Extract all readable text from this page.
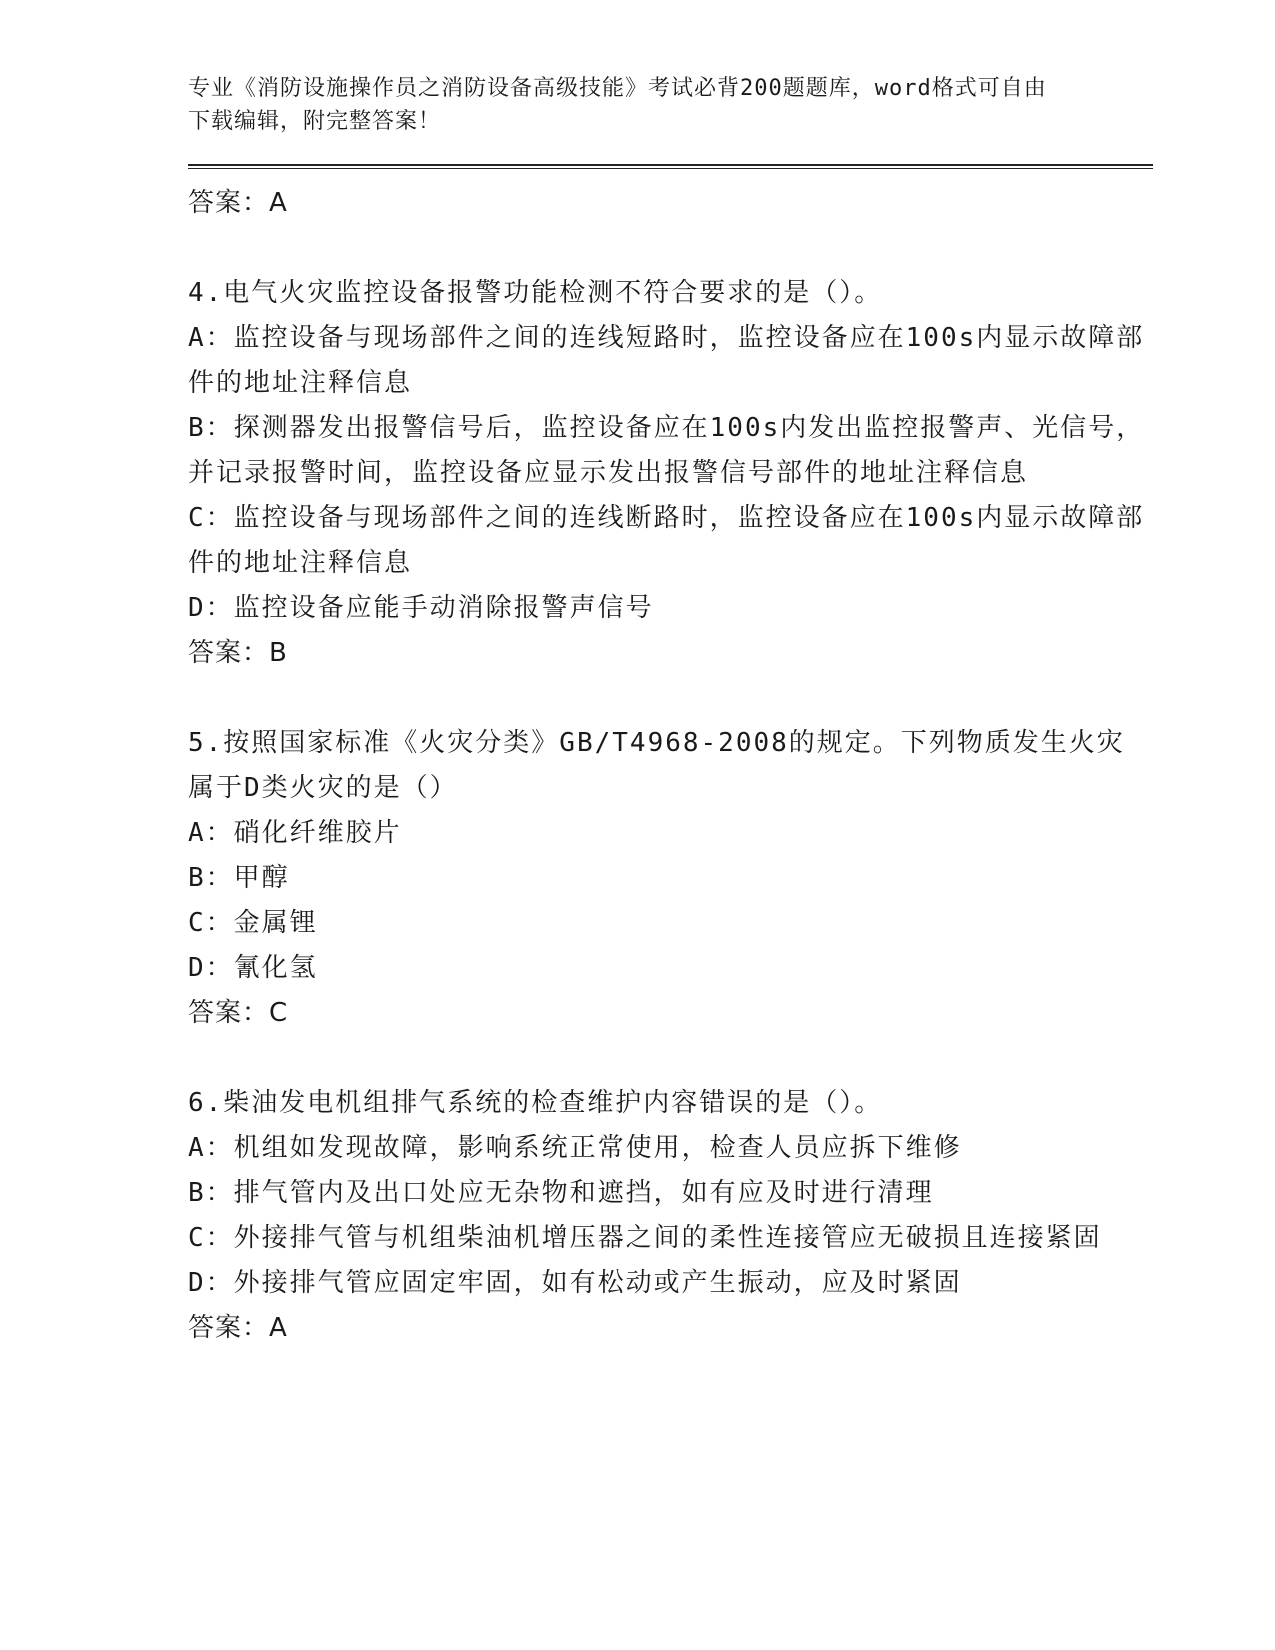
专业《消防设施操作员之消防设备高级技能》考试必背200题题库，word格式可自由下载编辑，附完整答案！
答案：A
4.电气火灾监控设备报警功能检测不符合要求的是（）。
A：监控设备与现场部件之间的连线短路时，监控设备应在100s内显示故障部件的地址注释信息
B：探测器发出报警信号后，监控设备应在100s内发出监控报警声、光信号，并记录报警时间，监控设备应显示发出报警信号部件的地址注释信息
C：监控设备与现场部件之间的连线断路时，监控设备应在100s内显示故障部件的地址注释信息
D：监控设备应能手动消除报警声信号
答案：B
5.按照国家标准《火灾分类》GB/T4968-2008的规定。下列物质发生火灾属于D类火灾的是（）
A：硝化纤维胶片
B：甲醇
C：金属锂
D：氰化氢
答案：C
6.柴油发电机组排气系统的检查维护内容错误的是（）。
A：机组如发现故障，影响系统正常使用，检查人员应拆下维修
B：排气管内及出口处应无杂物和遮挡，如有应及时进行清理
C：外接排气管与机组柴油机增压器之间的柔性连接管应无破损且连接紧固
D：外接排气管应固定牢固，如有松动或产生振动，应及时紧固
答案：A
